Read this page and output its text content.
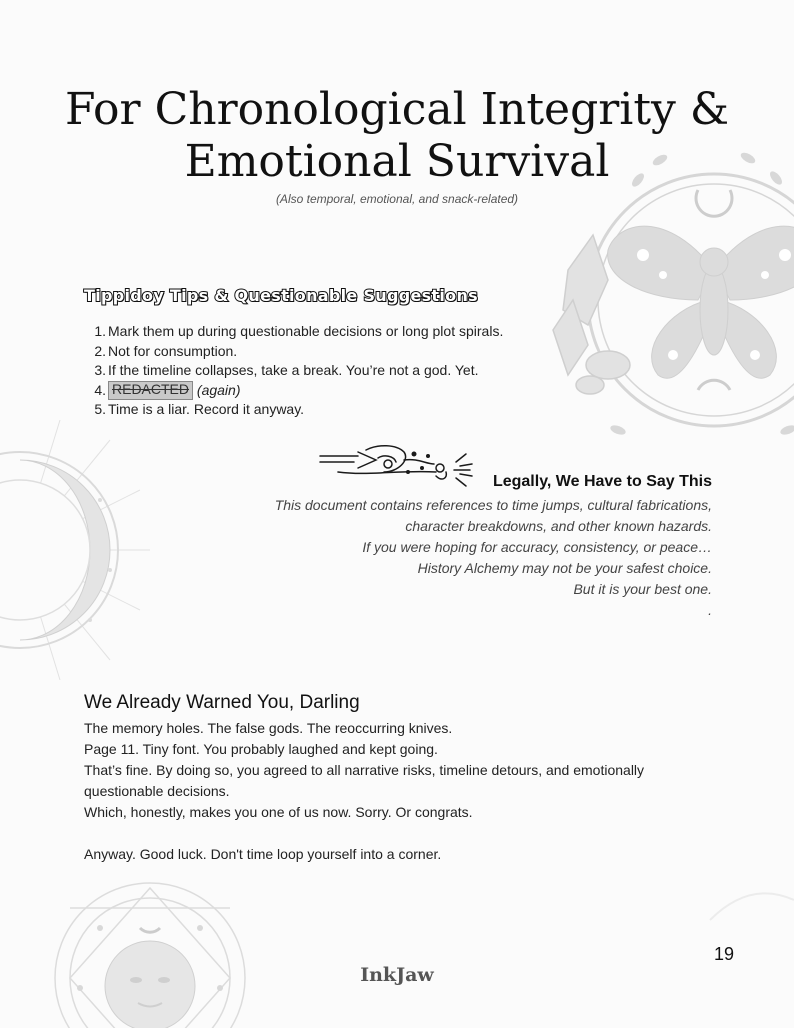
For Chronological Integrity &
Emotional Survival
(Also temporal, emotional, and snack-related)
Tippidoy Tips & Questionable Suggestions
1. Mark them up during questionable decisions or long plot spirals.
2. Not for consumption.
3. If the timeline collapses, take a break. You’re not a god. Yet.
4. REDACTED
(again)
5. Time is a liar. Record it anyway.
Legally, We Have to Say This
This document contains references to time jumps, cultural fabrications,
character breakdowns, and other known hazards.
If you were hoping for accuracy, consistency, or peace…
History Alchemy may not be your safest choice.
But it is your best one.
.
We Already Warned You, Darling

The memory holes. The false gods. The reoccurring knives.

Page 11. Tiny font. You probably laughed and kept going.

That’s fine. By doing so, you agreed to all narrative risks, timeline detours, and emotionally questionable decisions.

Which, honestly, makes you one of us now. Sorry. Or congrats.

Anyway. Good luck. Don't time loop yourself into a corner.

19
InkJaw
